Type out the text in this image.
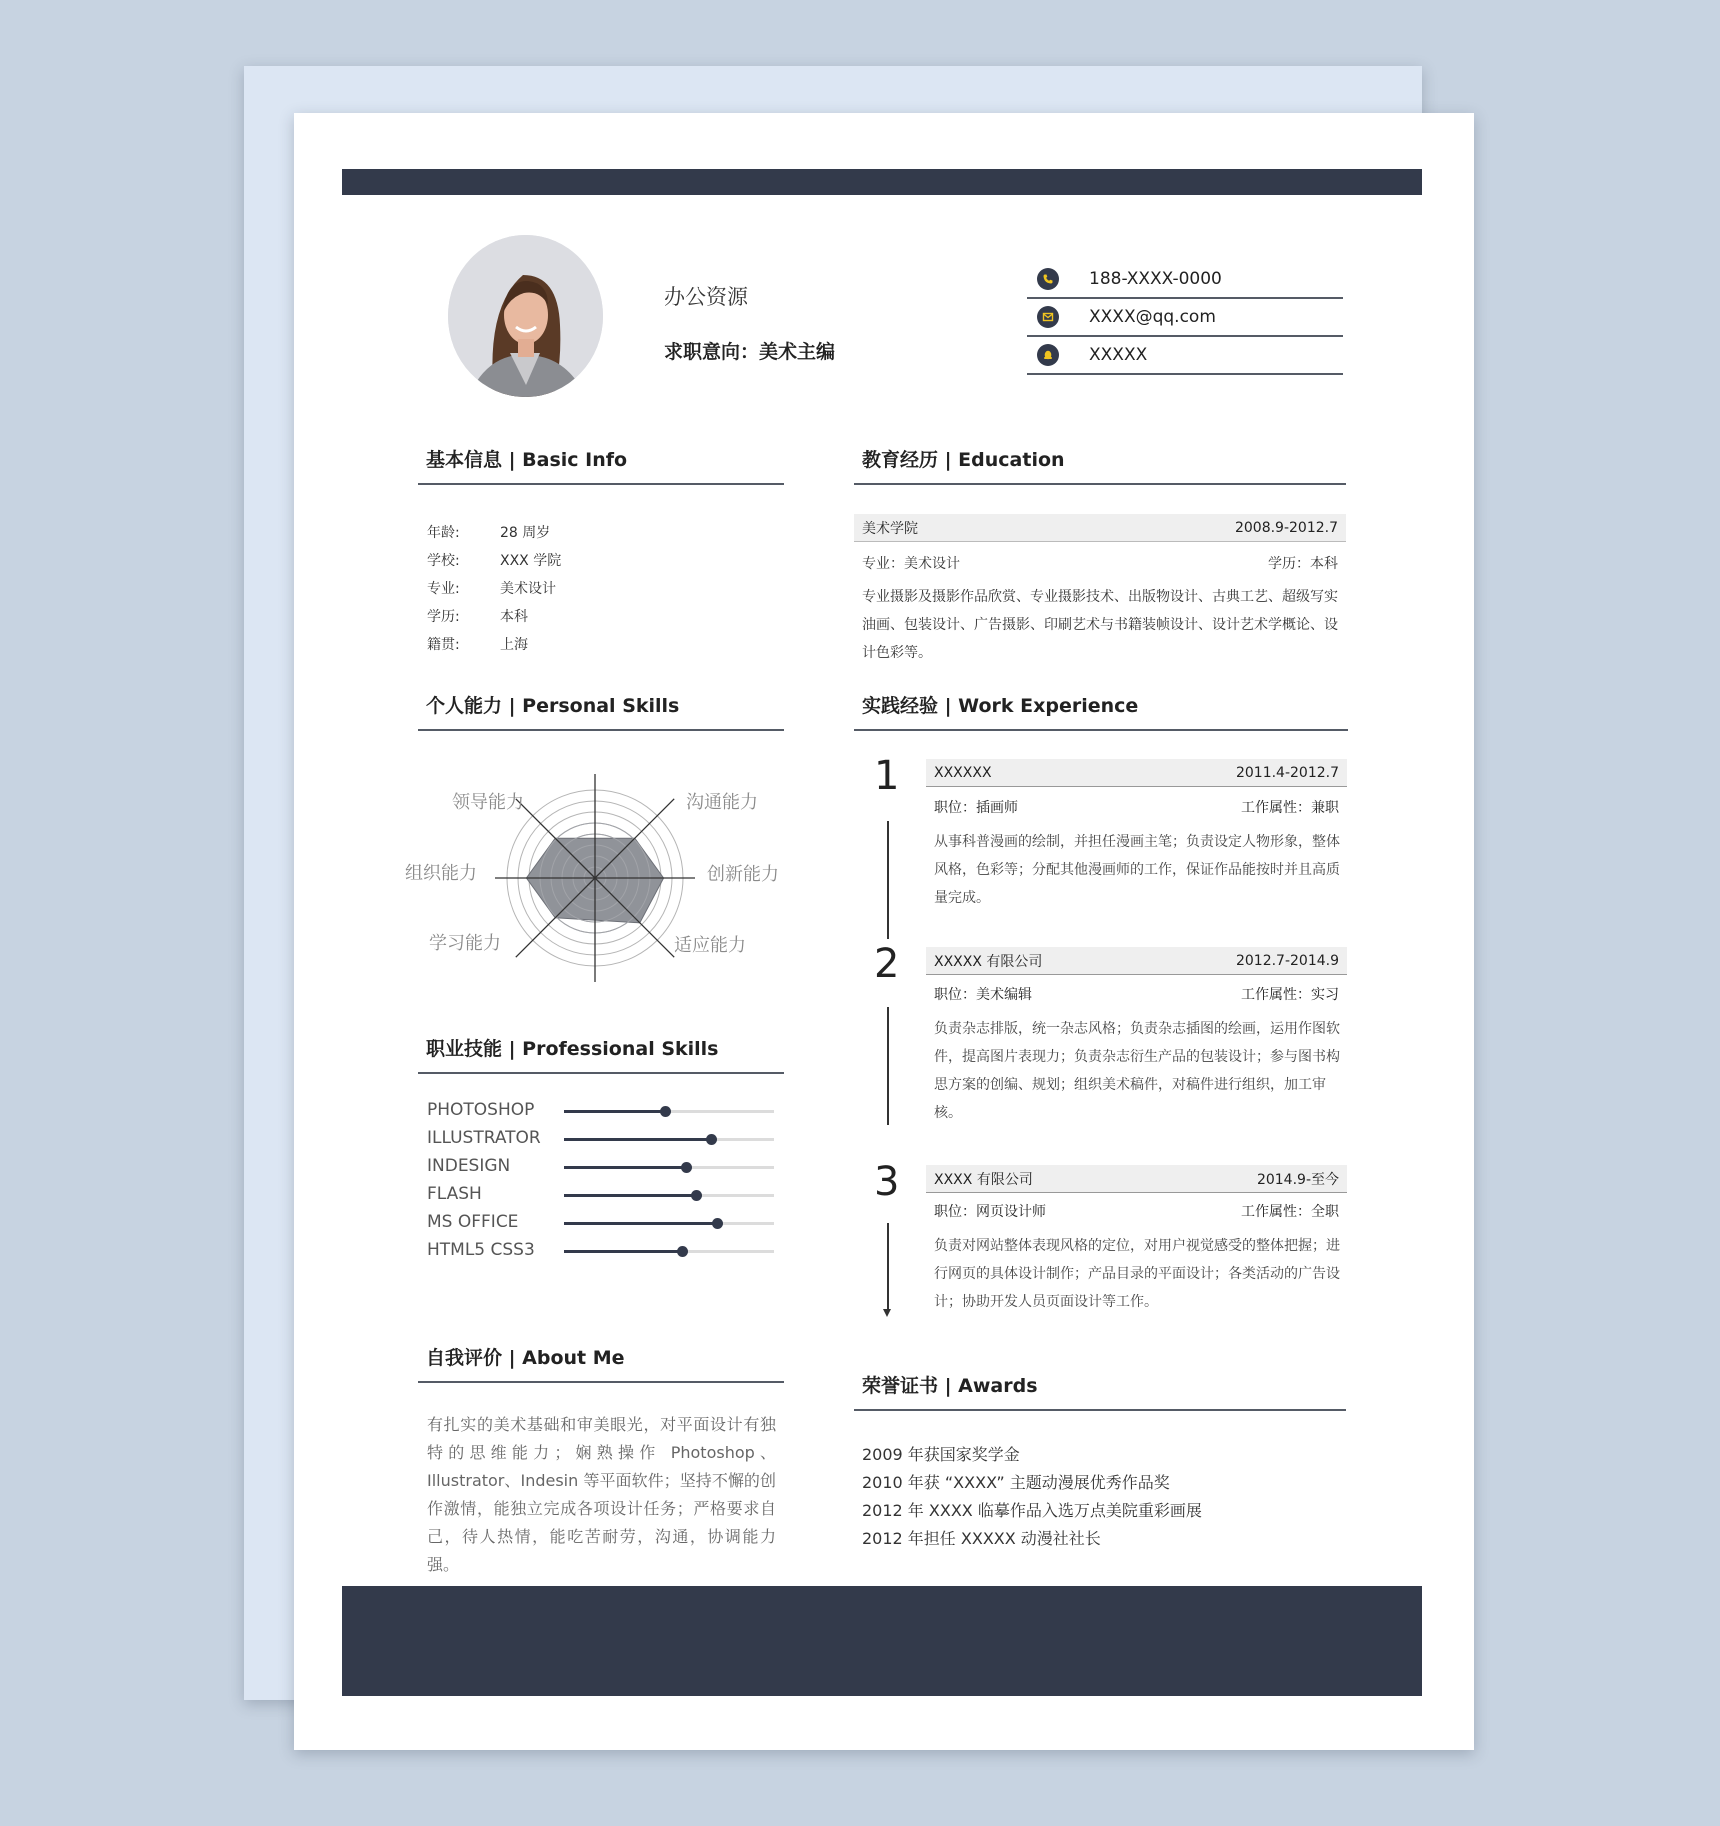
办公资源
求职意向：美术主编
188-XXXX-0000
XXXX@qq.com
XXXXX
基本信息 | Basic Info
年龄:	28 周岁
学校:	XXX 学院
专业:	美术设计
学历:	本科
籍贯:	上海
教育经历 | Education
美术学院	2008.9-2012.7
专业：美术设计	学历：本科
专业摄影及摄影作品欣赏、专业摄影技术、出版物设计、古典工艺、超级写实油画、包装设计、广告摄影、印刷艺术与书籍装帧设计、设计艺术学概论、设计色彩等。
个人能力 | Personal Skills
领导能力	沟通能力
创新能力
适应能力
学习能力
组织能力
职业技能 | Professional Skills
PHOTOSHOP
ILLUSTRATOR
INDESIGN
FLASH
MS OFFICE
HTML5 CSS3
自我评价 | About Me
有扎实的美术基础和审美眼光，对平面设计有独特的思维能力；娴熟操作 Photoshop、Illustrator、Indesin 等平面软件；坚持不懈的创作激情，能独立完成各项设计任务；严格要求自己，待人热情，能吃苦耐劳，沟通，协调能力强。
实践经验 | Work Experience
1 XXXXXX	2011.4-2012.7
职位：插画师	工作属性：兼职
从事科普漫画的绘制，并担任漫画主笔；负责设定人物形象，整体风格，色彩等；分配其他漫画师的工作，保证作品能按时并且高质量完成。
2 XXXXX 有限公司	2012.7-2014.9
职位：美术编辑	工作属性：实习
负责杂志排版，统一杂志风格；负责杂志插图的绘画，运用作图软件，提高图片表现力；负责杂志衍生产品的包装设计；参与图书构思方案的创编、规划；组织美术稿件，对稿件进行组织，加工审核。
3 XXXX 有限公司	2014.9-至今
职位：网页设计师	工作属性：全职
负责对网站整体表现风格的定位，对用户视觉感受的整体把握；进行网页的具体设计制作；产品目录的平面设计；各类活动的广告设计；协助开发人员页面设计等工作。
荣誉证书 | Awards
2009 年获国家奖学金
2010 年获 “XXXX” 主题动漫展优秀作品奖
2012 年 XXXX 临摹作品入选万点美院重彩画展
2012 年担任 XXXXX 动漫社社长
